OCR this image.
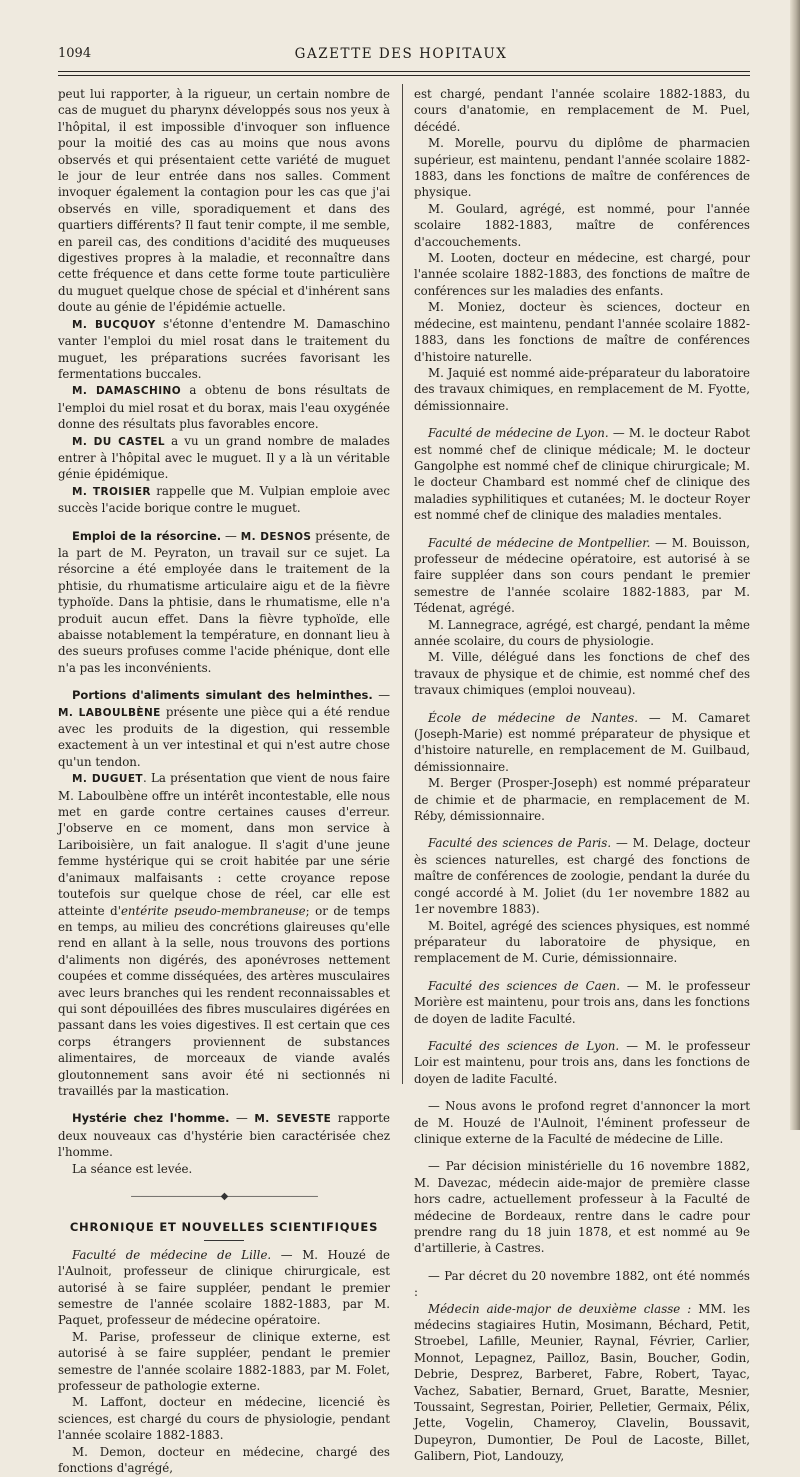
1094	GAZETTE DES HOPITAUX

peut lui rapporter, à la rigueur, un certain nombre de cas de muguet du pharynx développés sous nos yeux à l'hôpital, il est impossible d'invoquer son influence pour la moitié des cas au moins que nous avons observés et qui présentaient cette variété de muguet le jour de leur entrée dans nos salles. Comment invoquer également la contagion pour les cas que j'ai observés en ville, sporadiquement et dans des quartiers différents? Il faut tenir compte, il me semble, en pareil cas, des conditions d'acidité des muqueuses digestives propres à la maladie, et reconnaître dans cette fréquence et dans cette forme toute particulière du muguet quelque chose de spécial et d'inhérent sans doute au génie de l'épidémie actuelle.

M. BUCQUOY s'étonne d'entendre M. Damaschino vanter l'emploi du miel rosat dans le traitement du muguet, les préparations sucrées favorisant les fermentations buccales.

M. DAMASCHINO a obtenu de bons résultats de l'emploi du miel rosat et du borax, mais l'eau oxygénée donne des résultats plus favorables encore.

M. DU CASTEL a vu un grand nombre de malades entrer à l'hôpital avec le muguet. Il y a là un véritable génie épidémique.

M. TROISIER rappelle que M. Vulpian emploie avec succès l'acide borique contre le muguet.

Emploi de la résorcine. — M. DESNOS présente, de la part de M. Peyraton, un travail sur ce sujet. La résorcine a été employée dans le traitement de la phtisie, du rhumatisme articulaire aigu et de la fièvre typhoïde. Dans la phtisie, dans le rhumatisme, elle n'a produit aucun effet. Dans la fièvre typhoïde, elle abaisse notablement la température, en donnant lieu à des sueurs profuses comme l'acide phénique, dont elle n'a pas les inconvénients.

Portions d'aliments simulant des helminthes. — M. LABOULBÈNE présente une pièce qui a été rendue avec les produits de la digestion, qui ressemble exactement à un ver intestinal et qui n'est autre chose qu'un tendon.

M. DUGUET. La présentation que vient de nous faire M. Laboulbène offre un intérêt incontestable, elle nous met en garde contre certaines causes d'erreur. J'observe en ce moment, dans mon service à Lariboisière, un fait analogue. Il s'agit d'une jeune femme hystérique qui se croit habitée par une série d'animaux malfaisants : cette croyance repose toutefois sur quelque chose de réel, car elle est atteinte d'entérite pseudo-membraneuse; or de temps en temps, au milieu des concrétions glaireuses qu'elle rend en allant à la selle, nous trouvons des portions d'aliments non digérés, des aponévroses nettement coupées et comme disséquées, des artères musculaires avec leurs branches qui les rendent reconnaissables et qui sont dépouillées des fibres musculaires digérées en passant dans les voies digestives. Il est certain que ces corps étrangers proviennent de substances alimentaires, de morceaux de viande avalés gloutonnement sans avoir été ni sectionnés ni travaillés par la mastication.

Hystérie chez l'homme. — M. SEVESTE rapporte deux nouveaux cas d'hystérie bien caractérisée chez l'homme.

La séance est levée.

——————————◆——————————

CHRONIQUE ET NOUVELLES SCIENTIFIQUES

Faculté de médecine de Lille. — M. Houzé de l'Aulnoit, professeur de clinique chirurgicale, est autorisé à se faire suppléer, pendant le premier semestre de l'année scolaire 1882-1883, par M. Paquet, professeur de médecine opératoire.

M. Parise, professeur de clinique externe, est autorisé à se faire suppléer, pendant le premier semestre de l'année scolaire 1882-1883, par M. Folet, professeur de pathologie externe.

M. Laffont, docteur en médecine, licencié ès sciences, est chargé du cours de physiologie, pendant l'année scolaire 1882-1883.

M. Demon, docteur en médecine, chargé des fonctions d'agrégé,

est chargé, pendant l'année scolaire 1882-1883, du cours d'anatomie, en remplacement de M. Puel, décédé.

M. Morelle, pourvu du diplôme de pharmacien supérieur, est maintenu, pendant l'année scolaire 1882-1883, dans les fonctions de maître de conférences de physique.

M. Goulard, agrégé, est nommé, pour l'année scolaire 1882-1883, maître de conférences d'accouchements.

M. Looten, docteur en médecine, est chargé, pour l'année scolaire 1882-1883, des fonctions de maître de conférences sur les maladies des enfants.

M. Moniez, docteur ès sciences, docteur en médecine, est maintenu, pendant l'année scolaire 1882-1883, dans les fonctions de maître de conférences d'histoire naturelle.

M. Jaquié est nommé aide-préparateur du laboratoire des travaux chimiques, en remplacement de M. Fyotte, démissionnaire.

Faculté de médecine de Lyon. — M. le docteur Rabot est nommé chef de clinique médicale; M. le docteur Gangolphe est nommé chef de clinique chirurgicale; M. le docteur Chambard est nommé chef de clinique des maladies syphilitiques et cutanées; M. le docteur Royer est nommé chef de clinique des maladies mentales.

Faculté de médecine de Montpellier. — M. Bouisson, professeur de médecine opératoire, est autorisé à se faire suppléer dans son cours pendant le premier semestre de l'année scolaire 1882-1883, par M. Tédenat, agrégé.

M. Lannegrace, agrégé, est chargé, pendant la même année scolaire, du cours de physiologie.

M. Ville, délégué dans les fonctions de chef des travaux de physique et de chimie, est nommé chef des travaux chimiques (emploi nouveau).

École de médecine de Nantes. — M. Camaret (Joseph-Marie) est nommé préparateur de physique et d'histoire naturelle, en remplacement de M. Guilbaud, démissionnaire.

M. Berger (Prosper-Joseph) est nommé préparateur de chimie et de pharmacie, en remplacement de M. Réby, démissionnaire.

Faculté des sciences de Paris. — M. Delage, docteur ès sciences naturelles, est chargé des fonctions de maître de conférences de zoologie, pendant la durée du congé accordé à M. Joliet (du 1er novembre 1882 au 1er novembre 1883).

M. Boitel, agrégé des sciences physiques, est nommé préparateur du laboratoire de physique, en remplacement de M. Curie, démissionnaire.

Faculté des sciences de Caen. — M. le professeur Morière est maintenu, pour trois ans, dans les fonctions de doyen de ladite Faculté.

Faculté des sciences de Lyon. — M. le professeur Loir est maintenu, pour trois ans, dans les fonctions de doyen de ladite Faculté.

— Nous avons le profond regret d'annoncer la mort de M. Houzé de l'Aulnoit, l'éminent professeur de clinique externe de la Faculté de médecine de Lille.

— Par décision ministérielle du 16 novembre 1882, M. Davezac, médecin aide-major de première classe hors cadre, actuellement professeur à la Faculté de médecine de Bordeaux, rentre dans le cadre pour prendre rang du 18 juin 1878, et est nommé au 9e d'artillerie, à Castres.

— Par décret du 20 novembre 1882, ont été nommés :

Médecin aide-major de deuxième classe : MM. les médecins stagiaires Hutin, Mosimann, Béchard, Petit, Stroebel, Lafille, Meunier, Raynal, Février, Carlier, Monnot, Lepagnez, Pailloz, Basin, Boucher, Godin, Debrie, Desprez, Barberet, Fabre, Robert, Tayac, Vachez, Sabatier, Bernard, Gruet, Baratte, Mesnier, Toussaint, Segrestan, Poirier, Pelletier, Germaix, Pélix, Jette, Vogelin, Chameroy, Clavelin, Boussavit, Dupeyron, Dumontier, De Poul de Lacoste, Billet, Galibern, Piot, Landouzy,
